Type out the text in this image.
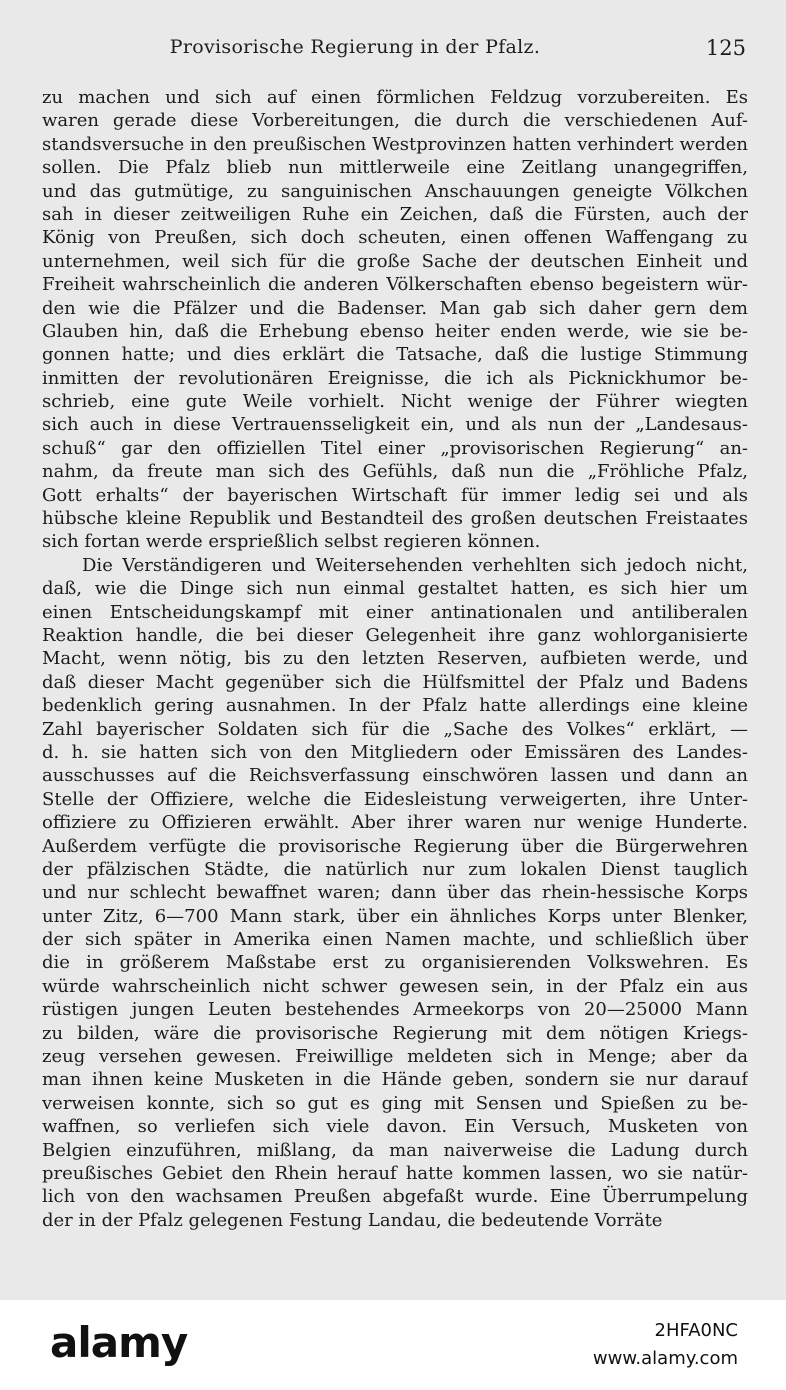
Provisorische Regierung in der Pfalz.	125
zu machen und sich auf einen förmlichen Feldzug vorzubereiten. Es
waren gerade diese Vorbereitungen, die durch die verschiedenen Auf-
standsversuche in den preußischen Westprovinzen hatten verhindert werden
sollen. Die Pfalz blieb nun mittlerweile eine Zeitlang unangegriffen,
und das gutmütige, zu sanguinischen Anschauungen geneigte Völkchen
sah in dieser zeitweiligen Ruhe ein Zeichen, daß die Fürsten, auch der
König von Preußen, sich doch scheuten, einen offenen Waffengang zu
unternehmen, weil sich für die große Sache der deutschen Einheit und
Freiheit wahrscheinlich die anderen Völkerschaften ebenso begeistern wür-
den wie die Pfälzer und die Badenser. Man gab sich daher gern dem
Glauben hin, daß die Erhebung ebenso heiter enden werde, wie sie be-
gonnen hatte; und dies erklärt die Tatsache, daß die lustige Stimmung
inmitten der revolutionären Ereignisse, die ich als Picknickhumor be-
schrieb, eine gute Weile vorhielt. Nicht wenige der Führer wiegten
sich auch in diese Vertrauensseligkeit ein, und als nun der „Landesaus-
schuß“ gar den offiziellen Titel einer „provisorischen Regierung“ an-
nahm, da freute man sich des Gefühls, daß nun die „Fröhliche Pfalz,
Gott erhalts“ der bayerischen Wirtschaft für immer ledig sei und als
hübsche kleine Republik und Bestandteil des großen deutschen Freistaates
sich fortan werde ersprießlich selbst regieren können.
Die Verständigeren und Weitersehenden verhehlten sich jedoch nicht,
daß, wie die Dinge sich nun einmal gestaltet hatten, es sich hier um
einen Entscheidungskampf mit einer antinationalen und antiliberalen
Reaktion handle, die bei dieser Gelegenheit ihre ganz wohlorganisierte
Macht, wenn nötig, bis zu den letzten Reserven, aufbieten werde, und
daß dieser Macht gegenüber sich die Hülfsmittel der Pfalz und Badens
bedenklich gering ausnahmen. In der Pfalz hatte allerdings eine kleine
Zahl bayerischer Soldaten sich für die „Sache des Volkes“ erklärt, —
d. h. sie hatten sich von den Mitgliedern oder Emissären des Landes-
ausschusses auf die Reichsverfassung einschwören lassen und dann an
Stelle der Offiziere, welche die Eidesleistung verweigerten, ihre Unter-
offiziere zu Offizieren erwählt. Aber ihrer waren nur wenige Hunderte.
Außerdem verfügte die provisorische Regierung über die Bürgerwehren
der pfälzischen Städte, die natürlich nur zum lokalen Dienst tauglich
und nur schlecht bewaffnet waren; dann über das rhein-hessische Korps
unter Zitz, 6—700 Mann stark, über ein ähnliches Korps unter Blenker,
der sich später in Amerika einen Namen machte, und schließlich über
die in größerem Maßstabe erst zu organisierenden Volkswehren. Es
würde wahrscheinlich nicht schwer gewesen sein, in der Pfalz ein aus
rüstigen jungen Leuten bestehendes Armeekorps von 20—25000 Mann
zu bilden, wäre die provisorische Regierung mit dem nötigen Kriegs-
zeug versehen gewesen. Freiwillige meldeten sich in Menge; aber da
man ihnen keine Musketen in die Hände geben, sondern sie nur darauf
verweisen konnte, sich so gut es ging mit Sensen und Spießen zu be-
waffnen, so verliefen sich viele davon. Ein Versuch, Musketen von
Belgien einzuführen, mißlang, da man naiverweise die Ladung durch
preußisches Gebiet den Rhein herauf hatte kommen lassen, wo sie natür-
lich von den wachsamen Preußen abgefaßt wurde. Eine Überrumpelung
der in der Pfalz gelegenen Festung Landau, die bedeutende Vorräte
alamy	2HFA0NC
www.alamy.com
